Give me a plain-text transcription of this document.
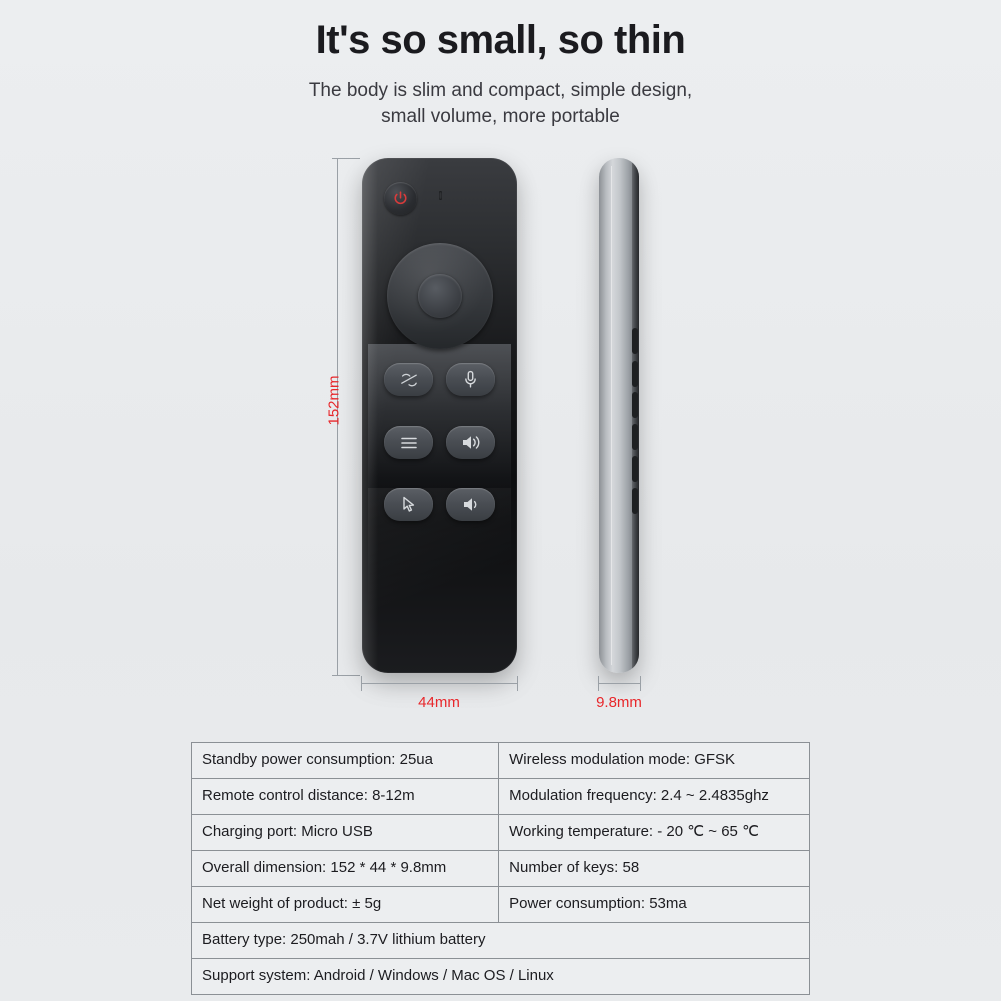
It's so small, so thin
The body is slim and compact, simple design,
small volume, more portable
152mm
44mm	9.8mm
Standby power consumption: 25ua	Wireless modulation mode: GFSK
Remote control distance: 8-12m	Modulation frequency: 2.4 ~ 2.4835ghz
Charging port: Micro USB	Working temperature: - 20 ℃ ~ 65 ℃
Overall dimension: 152 * 44 * 9.8mm	Number of keys: 58
Net weight of product: ± 5g	Power consumption: 53ma
Battery type: 250mah / 3.7V lithium battery	
Support system: Android / Windows / Mac OS / Linux	
